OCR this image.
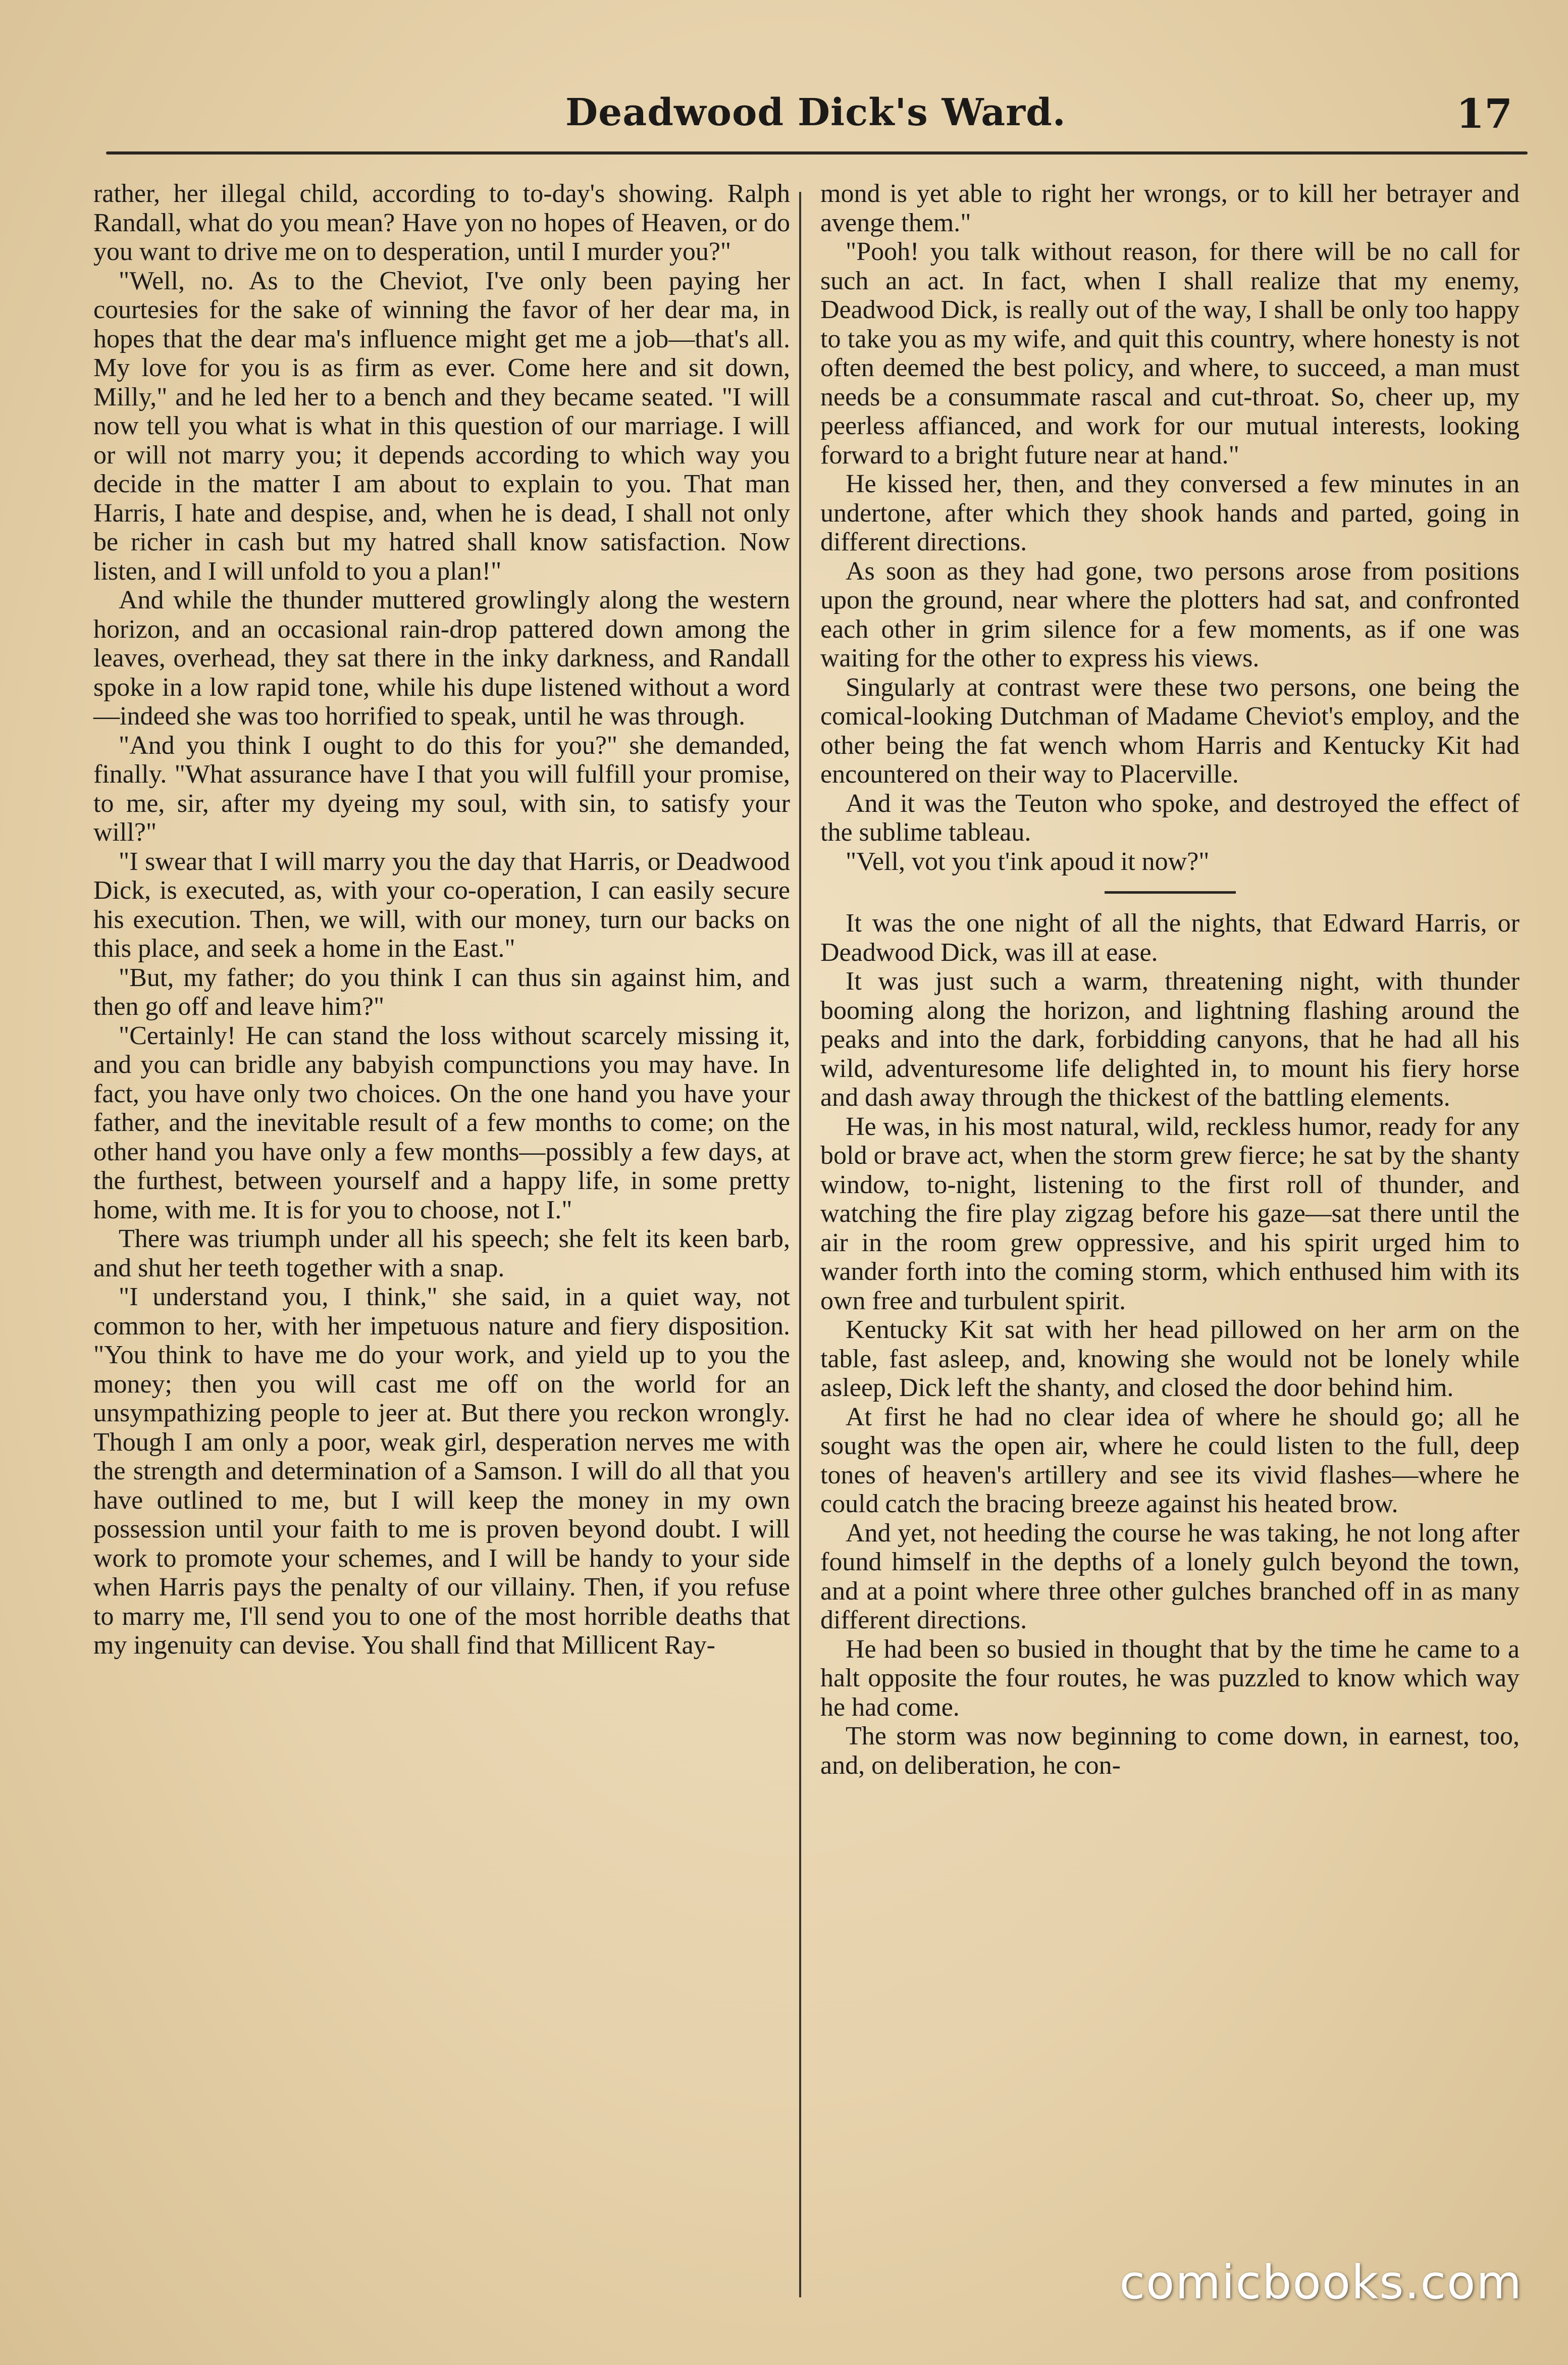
Deadwood Dick's Ward.	17

rather, her illegal child, according to to-day's showing. Ralph Randall, what do you mean? Have yon no hopes of Heaven, or do you want to drive me on to desperation, until I murder you?"

"Well, no. As to the Cheviot, I've only been paying her courtesies for the sake of winning the favor of her dear ma, in hopes that the dear ma's influence might get me a job—that's all. My love for you is as firm as ever. Come here and sit down, Milly," and he led her to a bench and they became seated. "I will now tell you what is what in this question of our marriage. I will or will not marry you; it depends according to which way you decide in the matter I am about to explain to you. That man Harris, I hate and despise, and, when he is dead, I shall not only be richer in cash but my hatred shall know satisfaction. Now listen, and I will unfold to you a plan!"

And while the thunder muttered growlingly along the western horizon, and an occasional rain-drop pattered down among the leaves, overhead, they sat there in the inky darkness, and Randall spoke in a low rapid tone, while his dupe listened without a word—indeed she was too horrified to speak, until he was through.

"And you think I ought to do this for you?" she demanded, finally. "What assurance have I that you will fulfill your promise, to me, sir, after my dyeing my soul, with sin, to satisfy your will?"

"I swear that I will marry you the day that Harris, or Deadwood Dick, is executed, as, with your co-operation, I can easily secure his execution. Then, we will, with our money, turn our backs on this place, and seek a home in the East."

"But, my father; do you think I can thus sin against him, and then go off and leave him?"

"Certainly! He can stand the loss without scarcely missing it, and you can bridle any babyish compunctions you may have. In fact, you have only two choices. On the one hand you have your father, and the inevitable result of a few months to come; on the other hand you have only a few months—possibly a few days, at the furthest, between yourself and a happy life, in some pretty home, with me. It is for you to choose, not I."

There was triumph under all his speech; she felt its keen barb, and shut her teeth together with a snap.

"I understand you, I think," she said, in a quiet way, not common to her, with her impetuous nature and fiery disposition. "You think to have me do your work, and yield up to you the money; then you will cast me off on the world for an unsympathizing people to jeer at. But there you reckon wrongly. Though I am only a poor, weak girl, desperation nerves me with the strength and determination of a Samson. I will do all that you have outlined to me, but I will keep the money in my own possession until your faith to me is proven beyond doubt. I will work to promote your schemes, and I will be handy to your side when Harris pays the penalty of our villainy. Then, if you refuse to marry me, I'll send you to one of the most horrible deaths that my ingenuity can devise. You shall find that Millicent Ray-

mond is yet able to right her wrongs, or to kill her betrayer and avenge them."

"Pooh! you talk without reason, for there will be no call for such an act. In fact, when I shall realize that my enemy, Deadwood Dick, is really out of the way, I shall be only too happy to take you as my wife, and quit this country, where honesty is not often deemed the best policy, and where, to succeed, a man must needs be a consummate rascal and cut-throat. So, cheer up, my peerless affianced, and work for our mutual interests, looking forward to a bright future near at hand."

He kissed her, then, and they conversed a few minutes in an undertone, after which they shook hands and parted, going in different directions.

As soon as they had gone, two persons arose from positions upon the ground, near where the plotters had sat, and confronted each other in grim silence for a few moments, as if one was waiting for the other to express his views.

Singularly at contrast were these two persons, one being the comical-looking Dutchman of Madame Cheviot's employ, and the other being the fat wench whom Harris and Kentucky Kit had encountered on their way to Placerville.

And it was the Teuton who spoke, and destroyed the effect of the sublime tableau.

"Vell, vot you t'ink apoud it now?"

It was the one night of all the nights, that Edward Harris, or Deadwood Dick, was ill at ease.

It was just such a warm, threatening night, with thunder booming along the horizon, and lightning flashing around the peaks and into the dark, forbidding canyons, that he had all his wild, adventuresome life delighted in, to mount his fiery horse and dash away through the thickest of the battling elements.

He was, in his most natural, wild, reckless humor, ready for any bold or brave act, when the storm grew fierce; he sat by the shanty window, to-night, listening to the first roll of thunder, and watching the fire play zigzag before his gaze—sat there until the air in the room grew oppressive, and his spirit urged him to wander forth into the coming storm, which enthused him with its own free and turbulent spirit.

Kentucky Kit sat with her head pillowed on her arm on the table, fast asleep, and, knowing she would not be lonely while asleep, Dick left the shanty, and closed the door behind him.

At first he had no clear idea of where he should go; all he sought was the open air, where he could listen to the full, deep tones of heaven's artillery and see its vivid flashes—where he could catch the bracing breeze against his heated brow.

And yet, not heeding the course he was taking, he not long after found himself in the depths of a lonely gulch beyond the town, and at a point where three other gulches branched off in as many different directions.

He had been so busied in thought that by the time he came to a halt opposite the four routes, he was puzzled to know which way he had come.

The storm was now beginning to come down, in earnest, too, and, on deliberation, he con-

comicbooks.com
